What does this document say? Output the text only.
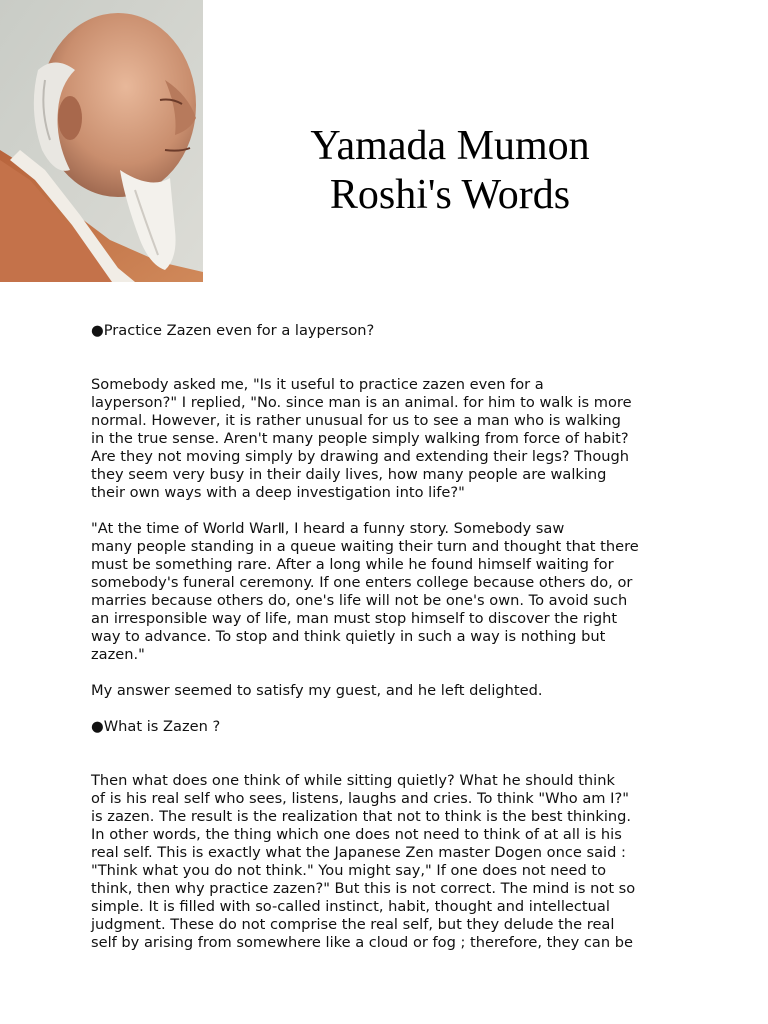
Yamada Mumon
Roshi's Words

●Practice Zazen even for a layperson?

Somebody asked me, "Is it useful to practice zazen even for a
layperson?" I replied, "No. since man is an animal. for him to walk is more
normal. However, it is rather unusual for us to see a man who is walking
in the true sense. Aren't many people simply walking from force of habit?
Are they not moving simply by drawing and extending their legs? Though
they seem very busy in their daily lives, how many people are walking
their own ways with a deep investigation into life?"

"At the time of World WarⅡ, I heard a funny story. Somebody saw
many people standing in a queue waiting their turn and thought that there
must be something rare. After a long while he found himself waiting for
somebody's funeral ceremony. If one enters college because others do, or
marries because others do, one's life will not be one's own. To avoid such
an irresponsible way of life, man must stop himself to discover the right
way to advance. To stop and think quietly in such a way is nothing but
zazen."

My answer seemed to satisfy my guest, and he left delighted.

●What is Zazen ?

Then what does one think of while sitting quietly? What he should think
of is his real self who sees, listens, laughs and cries. To think "Who am I?"
is zazen. The result is the realization that not to think is the best thinking.
In other words, the thing which one does not need to think of at all is his
real self. This is exactly what the Japanese Zen master Dogen once said :
"Think what you do not think." You might say," If one does not need to
think, then why practice zazen?" But this is not correct. The mind is not so
simple. It is filled with so-called instinct, habit, thought and intellectual
judgment. These do not comprise the real self, but they delude the real
self by arising from somewhere like a cloud or fog ; therefore, they can be
